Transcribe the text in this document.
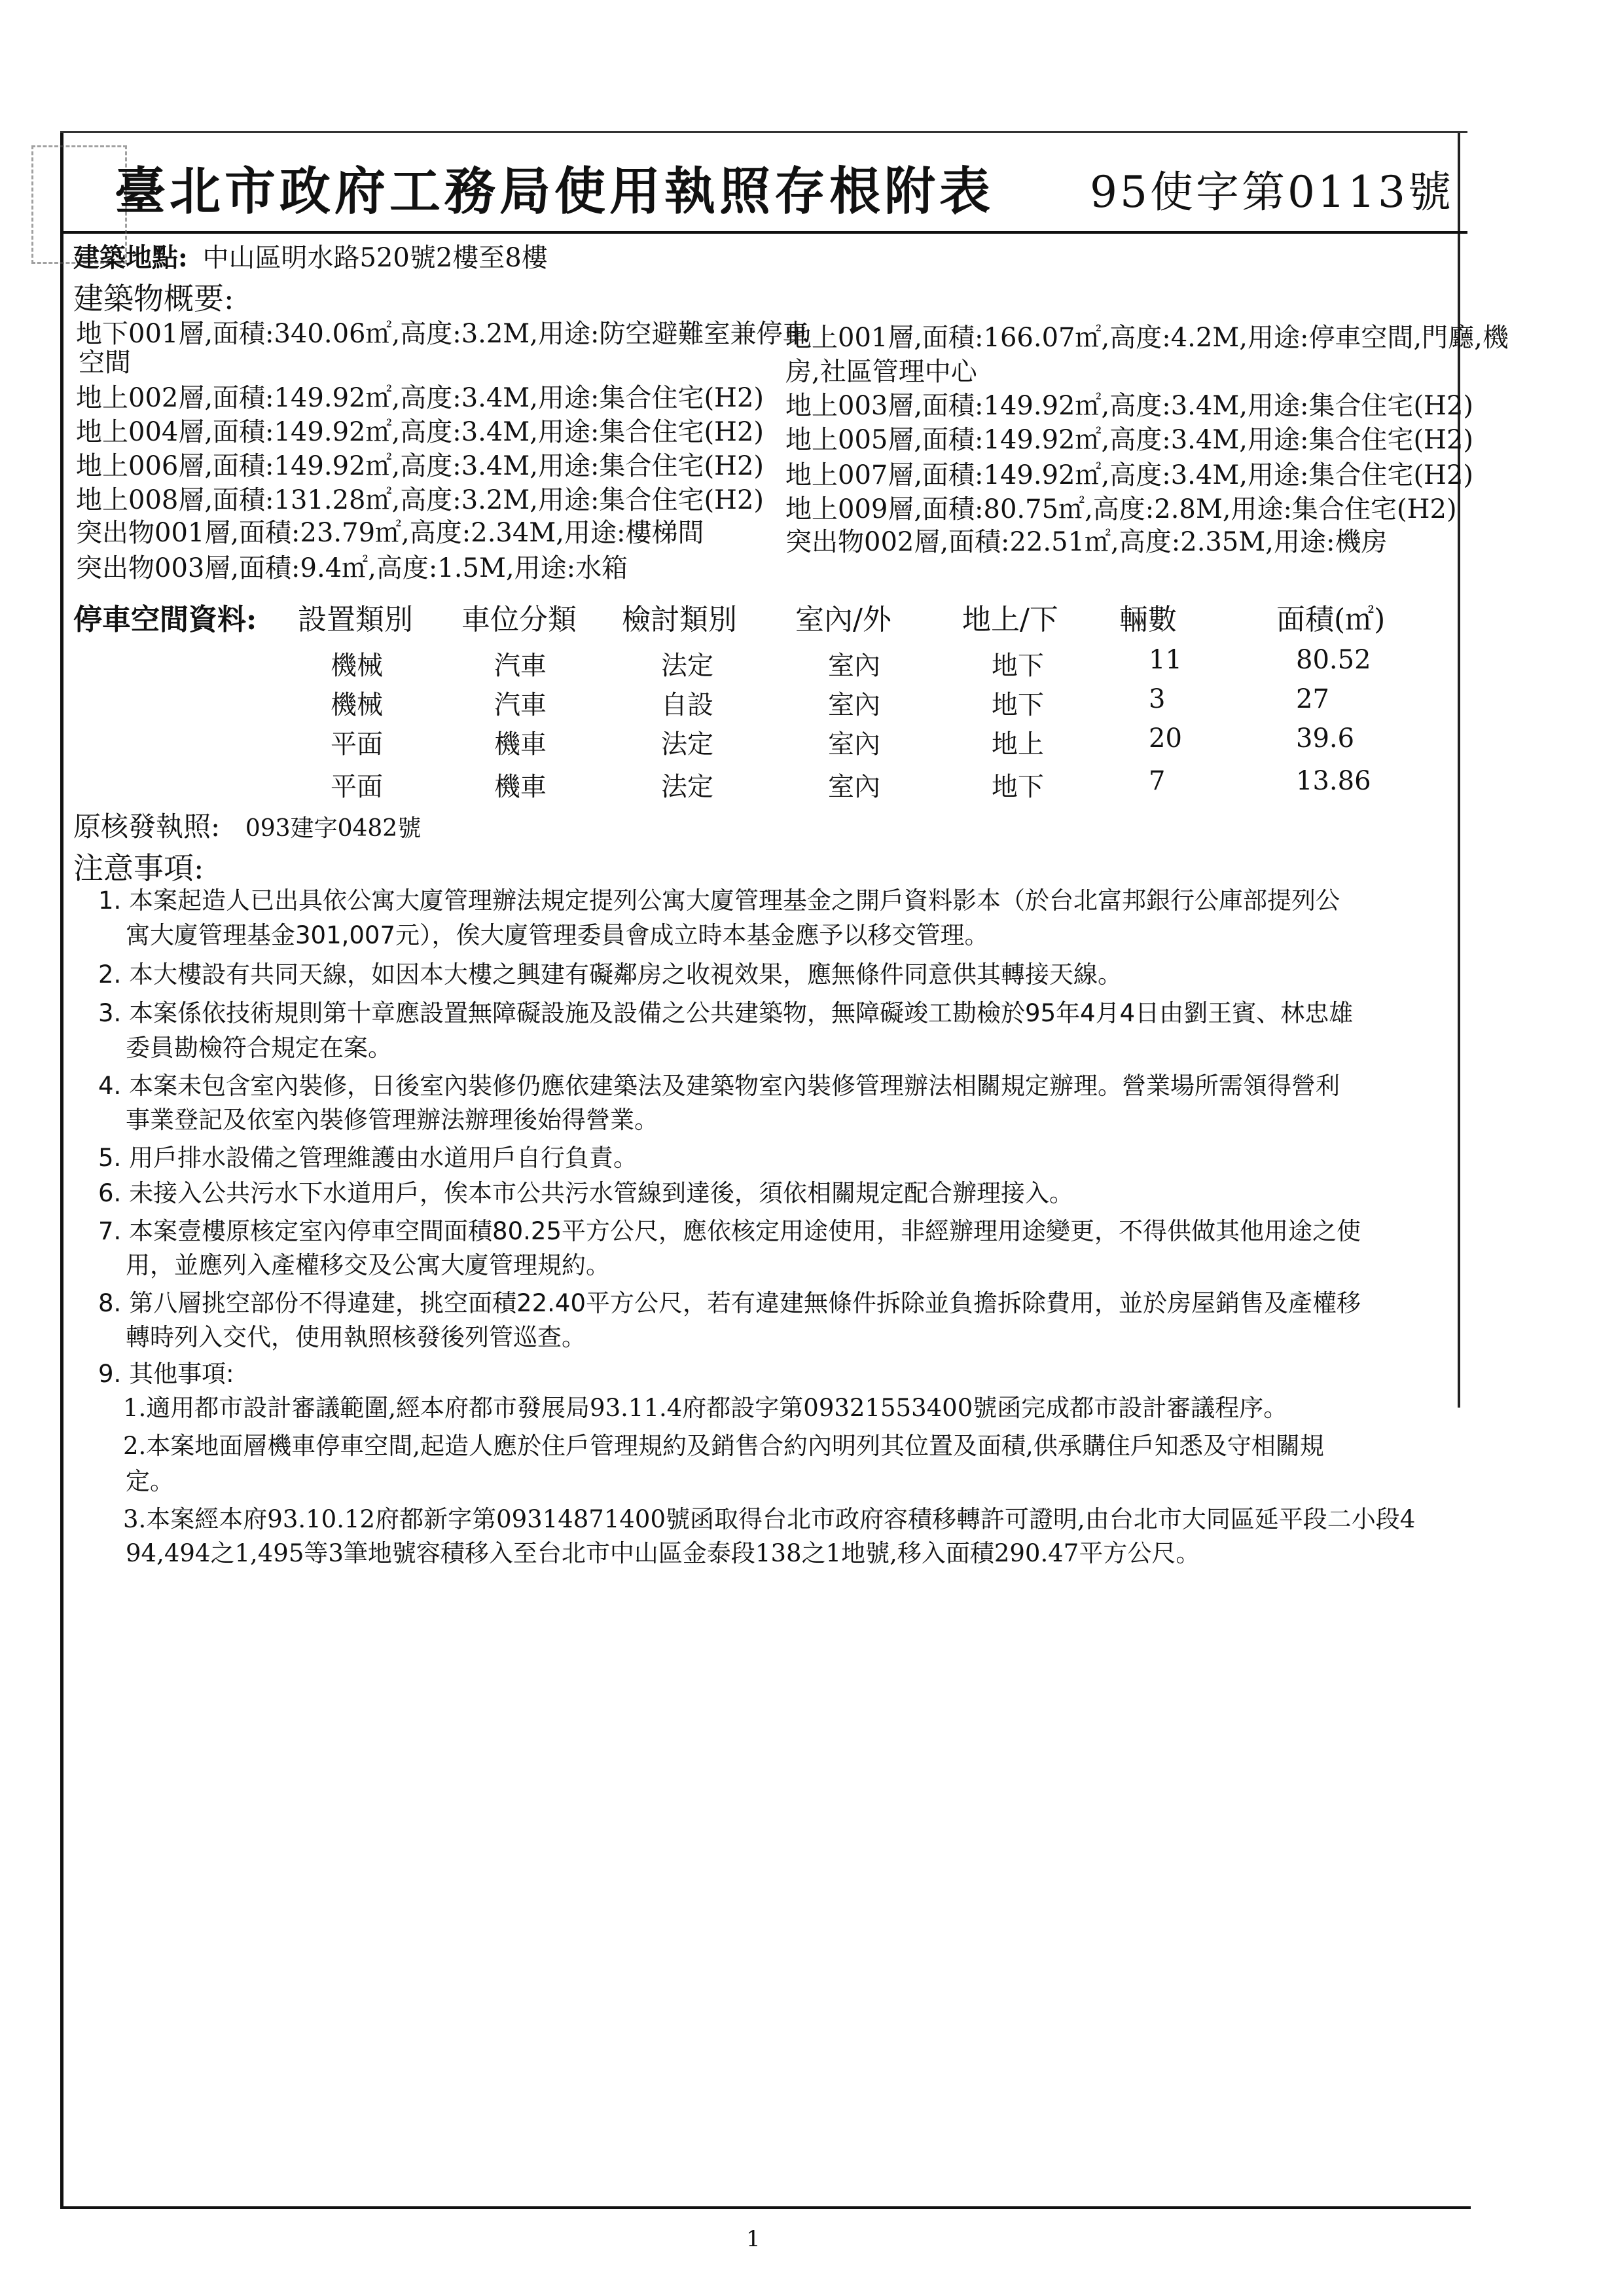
臺北市政府工務局使用執照存根附表 95使字第0113號
建築地點: 中山區明水路520號2樓至8樓
建築物概要:
地下001層,面積:340.06㎡,高度:3.2M,用途:防空避難室兼停車
空間
地上002層,面積:149.92㎡,高度:3.4M,用途:集合住宅(H2)
地上004層,面積:149.92㎡,高度:3.4M,用途:集合住宅(H2)
地上006層,面積:149.92㎡,高度:3.4M,用途:集合住宅(H2)
地上008層,面積:131.28㎡,高度:3.2M,用途:集合住宅(H2)
突出物001層,面積:23.79㎡,高度:2.34M,用途:樓梯間
突出物003層,面積:9.4㎡,高度:1.5M,用途:水箱
地上001層,面積:166.07㎡,高度:4.2M,用途:停車空間,門廳,機
房,社區管理中心
地上003層,面積:149.92㎡,高度:3.4M,用途:集合住宅(H2)
地上005層,面積:149.92㎡,高度:3.4M,用途:集合住宅(H2)
地上007層,面積:149.92㎡,高度:3.4M,用途:集合住宅(H2)
地上009層,面積:80.75㎡,高度:2.8M,用途:集合住宅(H2)
突出物002層,面積:22.51㎡,高度:2.35M,用途:機房
停車空間資料: 設置類別 車位分類 檢討類別 室內/外 地上/下 輛數	面積(㎡)
機械	汽車	法定	室內	地下	11	80.52
機械	汽車	自設	室內	地下	3	27
平面	機車	法定	室內	地上	20	39.6
平面	機車	法定	室內	地下	7	13.86
原核發執照: 093建字0482號
注意事項:
1. 本案起造人已出具依公寓大廈管理辦法規定提列公寓大廈管理基金之開戶資料影本（於台北富邦銀行公庫部提列公
寓大廈管理基金301,007元），俟大廈管理委員會成立時本基金應予以移交管理。
2. 本大樓設有共同天線，如因本大樓之興建有礙鄰房之收視效果，應無條件同意供其轉接天線。
3. 本案係依技術規則第十章應設置無障礙設施及設備之公共建築物，無障礙竣工勘檢於95年4月4日由劉王賓、林忠雄
委員勘檢符合規定在案。
4. 本案未包含室內裝修，日後室內裝修仍應依建築法及建築物室內裝修管理辦法相關規定辦理。營業場所需領得營利
事業登記及依室內裝修管理辦法辦理後始得營業。
5. 用戶排水設備之管理維護由水道用戶自行負責。
6. 未接入公共污水下水道用戶，俟本市公共污水管線到達後，須依相關規定配合辦理接入。
7. 本案壹樓原核定室內停車空間面積80.25平方公尺，應依核定用途使用，非經辦理用途變更，不得供做其他用途之使
用，並應列入產權移交及公寓大廈管理規約。
8. 第八層挑空部份不得違建，挑空面積22.40平方公尺，若有違建無條件拆除並負擔拆除費用，並於房屋銷售及產權移
轉時列入交代，使用執照核發後列管巡查。
9. 其他事項:
1.適用都市設計審議範圍,經本府都市發展局93.11.4府都設字第09321553400號函完成都市設計審議程序。
2.本案地面層機車停車空間,起造人應於住戶管理規約及銷售合約內明列其位置及面積,供承購住戶知悉及守相關規
定。
3.本案經本府93.10.12府都新字第09314871400號函取得台北市政府容積移轉許可證明,由台北市大同區延平段二小段4
94,494之1,495等3筆地號容積移入至台北市中山區金泰段138之1地號,移入面積290.47平方公尺。
1
